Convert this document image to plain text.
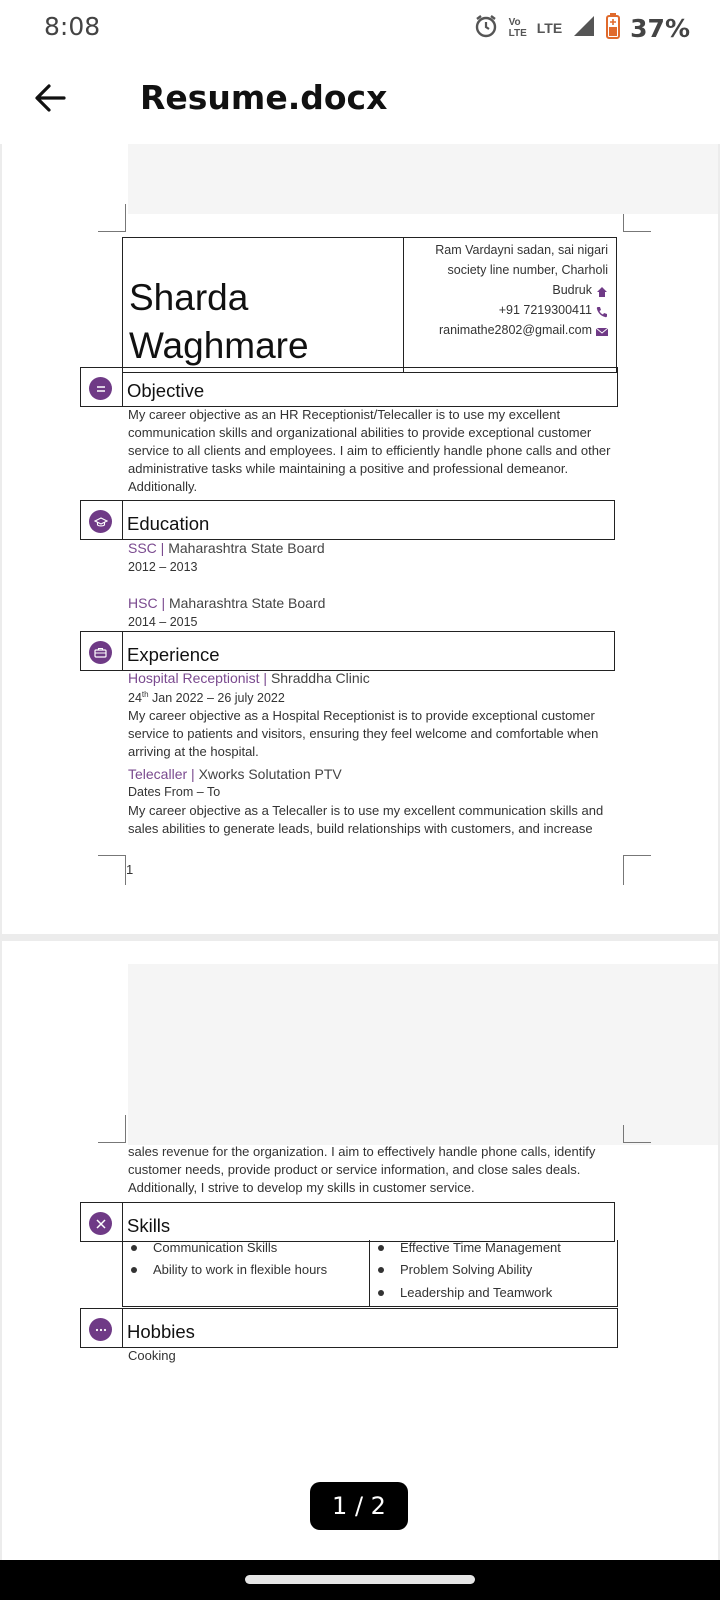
8:08	Vo
LTE LTE	37%
Resume.docx
Sharda
Waghmare
Ram Vardayni sadan, sai nigari
society line number, Charholi
Budruk
+91 7219300411
ranimathe2802@gmail.com
Objective
My career objective as an HR Receptionist/Telecaller is to use my excellent
communication skills and organizational abilities to provide exceptional customer
service to all clients and employees. I aim to efficiently handle phone calls and other
administrative tasks while maintaining a positive and professional demeanor.
Additionally.
Education
SSC | Maharashtra State Board
2012 – 2013
HSC | Maharashtra State Board
2014 – 2015
Experience
Hospital Receptionist | Shraddha Clinic
24th Jan 2022 – 26 july 2022
My career objective as a Hospital Receptionist is to provide exceptional customer
service to patients and visitors, ensuring they feel welcome and comfortable when
arriving at the hospital.
Telecaller | Xworks Solutation PTV
Dates From – To
My career objective as a Telecaller is to use my excellent communication skills and
sales abilities to generate leads, build relationships with customers, and increase
1
sales revenue for the organization. I aim to effectively handle phone calls, identify
customer needs, provide product or service information, and close sales deals.
Additionally, I strive to develop my skills in customer service.
Skills
Communication Skills
Ability to work in flexible hours
Effective Time Management
Problem Solving Ability
Leadership and Teamwork
Hobbies
Cooking
1 / 2
